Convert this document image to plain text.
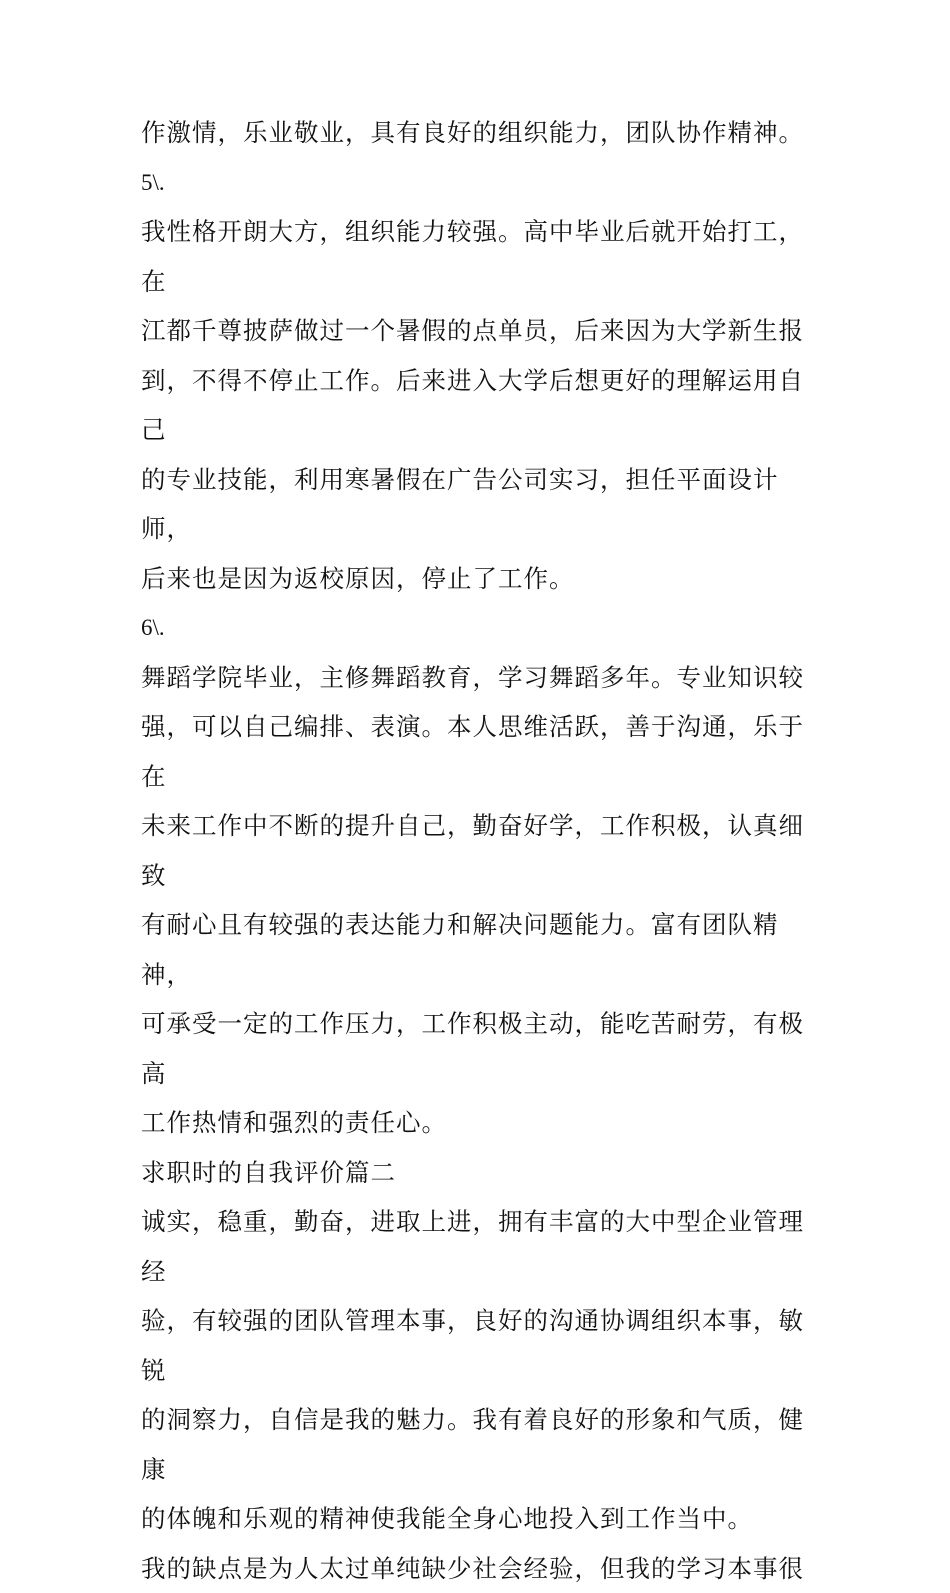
作激情，乐业敬业，具有良好的组织能力，团队协作精神。

5\.

我性格开朗大方，组织能力较强。高中毕业后就开始打工，在

江都千尊披萨做过一个暑假的点单员，后来因为大学新生报

到，不得不停止工作。后来进入大学后想更好的理解运用自己

的专业技能，利用寒暑假在广告公司实习，担任平面设计师，

后来也是因为返校原因，停止了工作。

6\.

舞蹈学院毕业，主修舞蹈教育，学习舞蹈多年。专业知识较

强，可以自己编排、表演。本人思维活跃，善于沟通，乐于在

未来工作中不断的提升自己，勤奋好学，工作积极，认真细致

有耐心且有较强的表达能力和解决问题能力。富有团队精神，

可承受一定的工作压力，工作积极主动，能吃苦耐劳，有极高

工作热情和强烈的责任心。

求职时的自我评价篇二

诚实，稳重，勤奋，进取上进，拥有丰富的大中型企业管理经

验，有较强的团队管理本事，良好的沟通协调组织本事，敏锐

的洞察力，自信是我的魅力。我有着良好的形象和气质，健康

的体魄和乐观的精神使我能全身心地投入到工作当中。

我的缺点是为人太过单纯缺少社会经验，但我的学习本事很
